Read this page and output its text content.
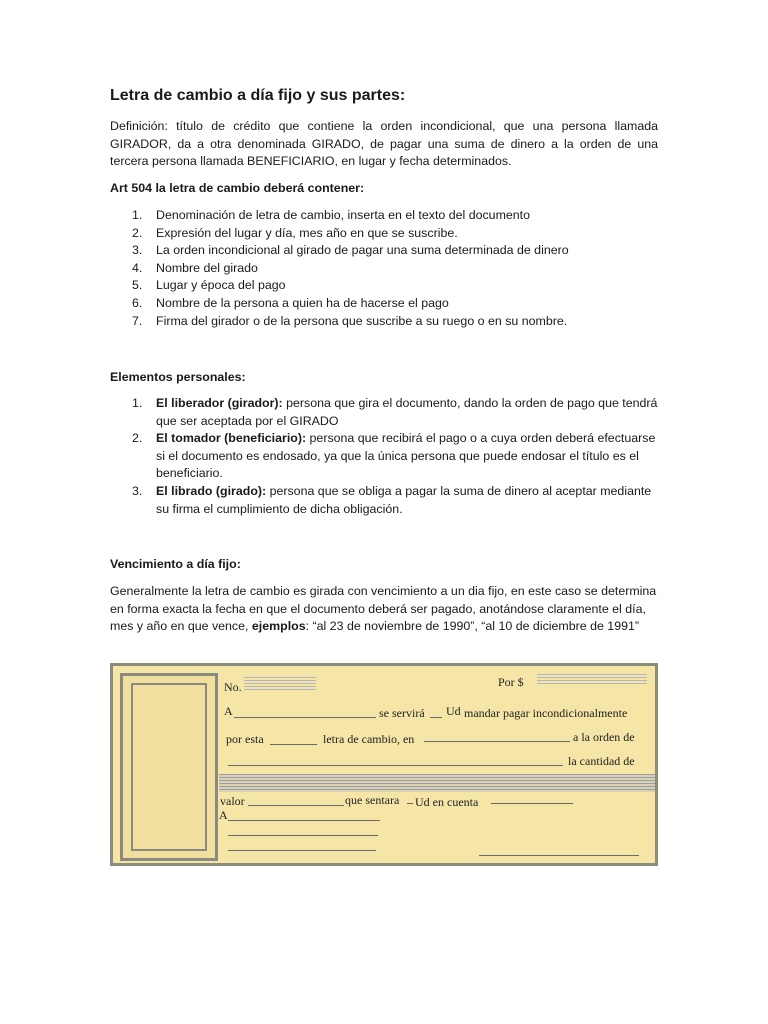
Letra de cambio a día fijo y sus partes:

Definición: título de crédito que contiene la orden incondicional, que una persona llamada GIRADOR, da a otra denominada GIRADO, de pagar una suma de dinero a la orden de una tercera persona llamada BENEFICIARIO, en lugar y fecha determinados.

Art 504 la letra de cambio deberá contener:

1. Denominación de letra de cambio, inserta en el texto del documento
2. Expresión del lugar y día, mes año en que se suscribe.
3. La orden incondicional al girado de pagar una suma determinada de dinero
4. Nombre del girado
5. Lugar y época del pago
6. Nombre de la persona a quien ha de hacerse el pago
7. Firma del girador o de la persona que suscribe a su ruego o en su nombre.

Elementos personales:

1. El liberador (girador): persona que gira el documento, dando la orden de pago que tendrá que ser aceptada por el GIRADO
2. El tomador (beneficiario): persona que recibirá el pago o a cuya orden deberá efectuarse si el documento es endosado, ya que la única persona que puede endosar el título es el beneficiario.
3. El librado (girado): persona que se obliga a pagar la suma de dinero al aceptar mediante su firma el cumplimiento de dicha obligación.

Vencimiento a día fijo:

Generalmente la letra de cambio es girada con vencimiento a un dia fijo, en este caso se determina en forma exacta la fecha en que el documento deberá ser pagado, anotándose claramente el día, mes y año en que vence, ejemplos: “al 23 de noviembre de 1990”, “al 10 de diciembre de 1991”

No.	Por $
A	se servirá Ud mandar pagar incondicionalmente
por esta	letra de cambio, en	a la orden de
la cantidad de
valor	que sentara Ud en cuenta
A
